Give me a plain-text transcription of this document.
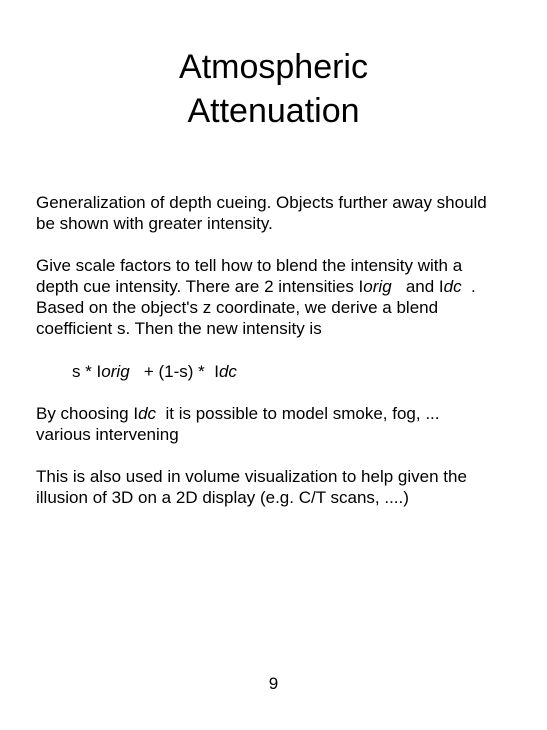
Atmospheric
Attenuation
Generalization of depth cueing. Objects further away should
be shown with greater intensity.
Give scale factors to tell how to blend the intensity with a
depth cue intensity. There are 2 intensities Iorig   and Idc  .
Based on the object's z coordinate, we derive a blend
coefficient s. Then the new intensity is
s * Iorig   + (1-s) *  Idc
By choosing Idc  it is possible to model smoke, fog, ...
various intervening
This is also used in volume visualization to help given the
illusion of 3D on a 2D display (e.g. C/T scans, ....)
9
